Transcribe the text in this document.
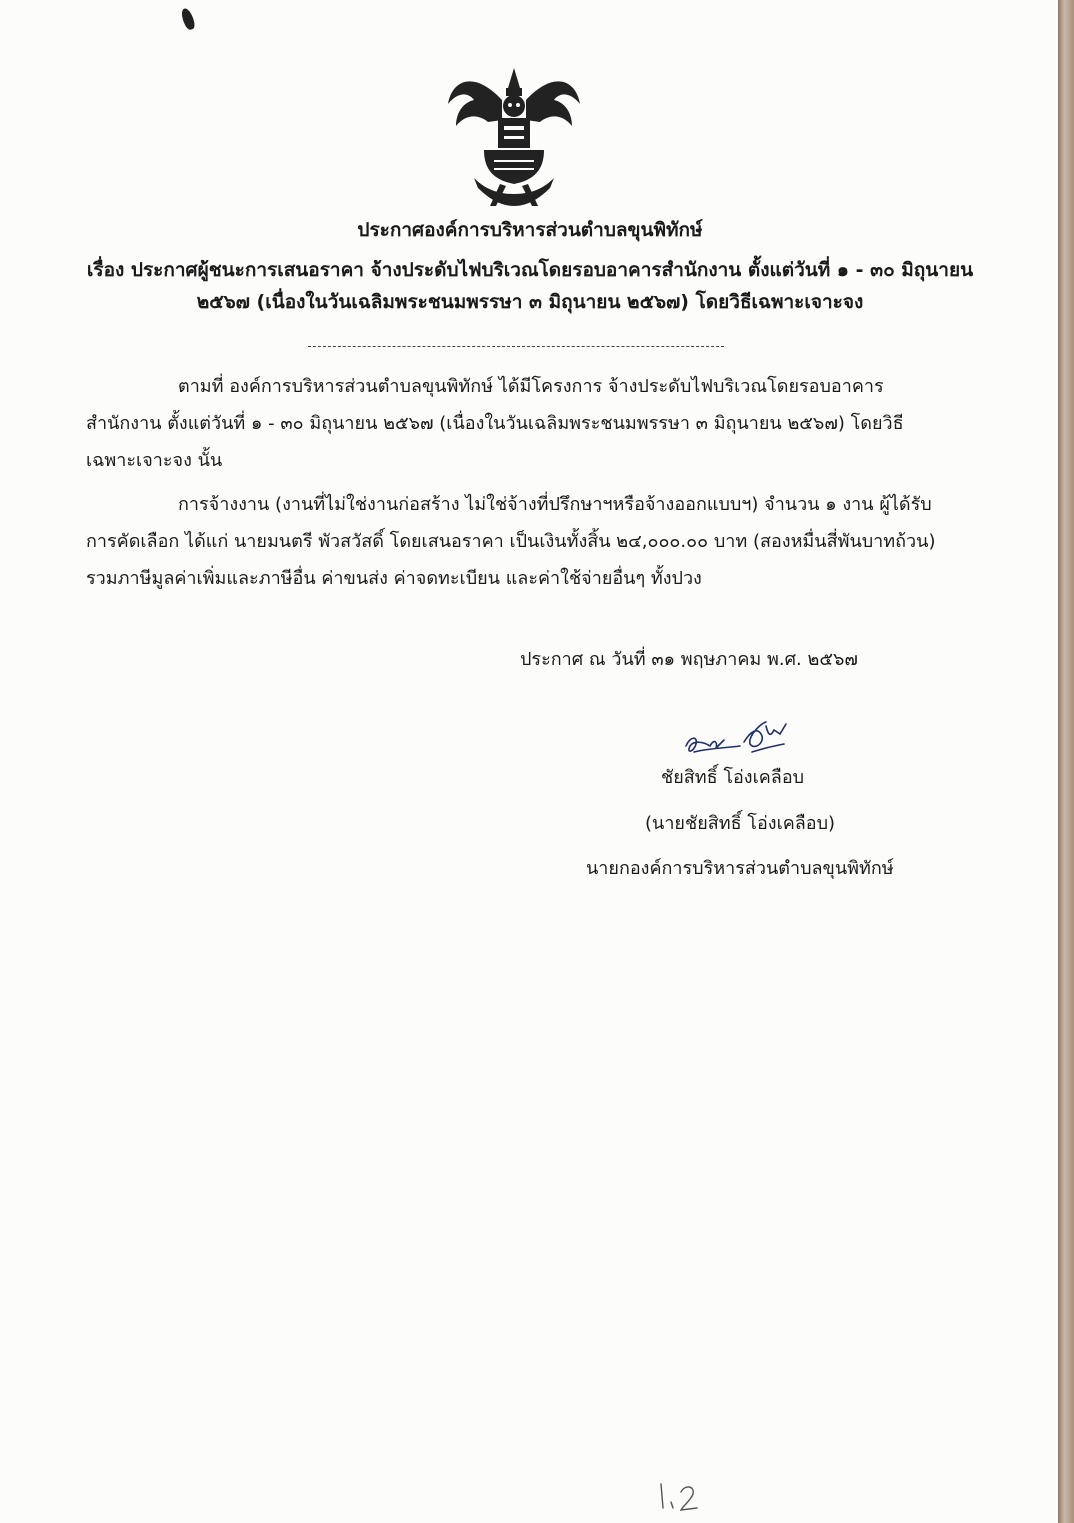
ประกาศองค์การบริหารส่วนตำบลขุนพิทักษ์
เรื่อง ประกาศผู้ชนะการเสนอราคา จ้างประดับไฟบริเวณโดยรอบอาคารสำนักงาน ตั้งแต่วันที่ ๑ - ๓๐ มิถุนายน ๒๕๖๗ (เนื่องในวันเฉลิมพระชนมพรรษา ๓ มิถุนายน ๒๕๖๗) โดยวิธีเฉพาะเจาะจง

ตามที่ องค์การบริหารส่วนตำบลขุนพิทักษ์ ได้มีโครงการ จ้างประดับไฟบริเวณโดยรอบอาคารสำนักงาน ตั้งแต่วันที่ ๑ - ๓๐ มิถุนายน ๒๕๖๗ (เนื่องในวันเฉลิมพระชนมพรรษา ๓ มิถุนายน ๒๕๖๗) โดยวิธีเฉพาะเจาะจง นั้น

การจ้างงาน (งานที่ไม่ใช่งานก่อสร้าง ไม่ใช่จ้างที่ปรึกษาฯหรือจ้างออกแบบฯ) จำนวน ๑ งาน ผู้ได้รับการคัดเลือก ได้แก่ นายมนตรี พัวสวัสดิ์ โดยเสนอราคา เป็นเงินทั้งสิ้น ๒๔,๐๐๐.๐๐ บาท (สองหมื่นสี่พันบาทถ้วน) รวมภาษีมูลค่าเพิ่มและภาษีอื่น ค่าขนส่ง ค่าจดทะเบียน และค่าใช้จ่ายอื่นๆ ทั้งปวง

ประกาศ ณ วันที่ ๓๑ พฤษภาคม พ.ศ. ๒๕๖๗
ชัยสิทธิ์ โอ่งเคลือบ
(นายชัยสิทธิ์ โอ่งเคลือบ)
นายกองค์การบริหารส่วนตำบลขุนพิทักษ์
